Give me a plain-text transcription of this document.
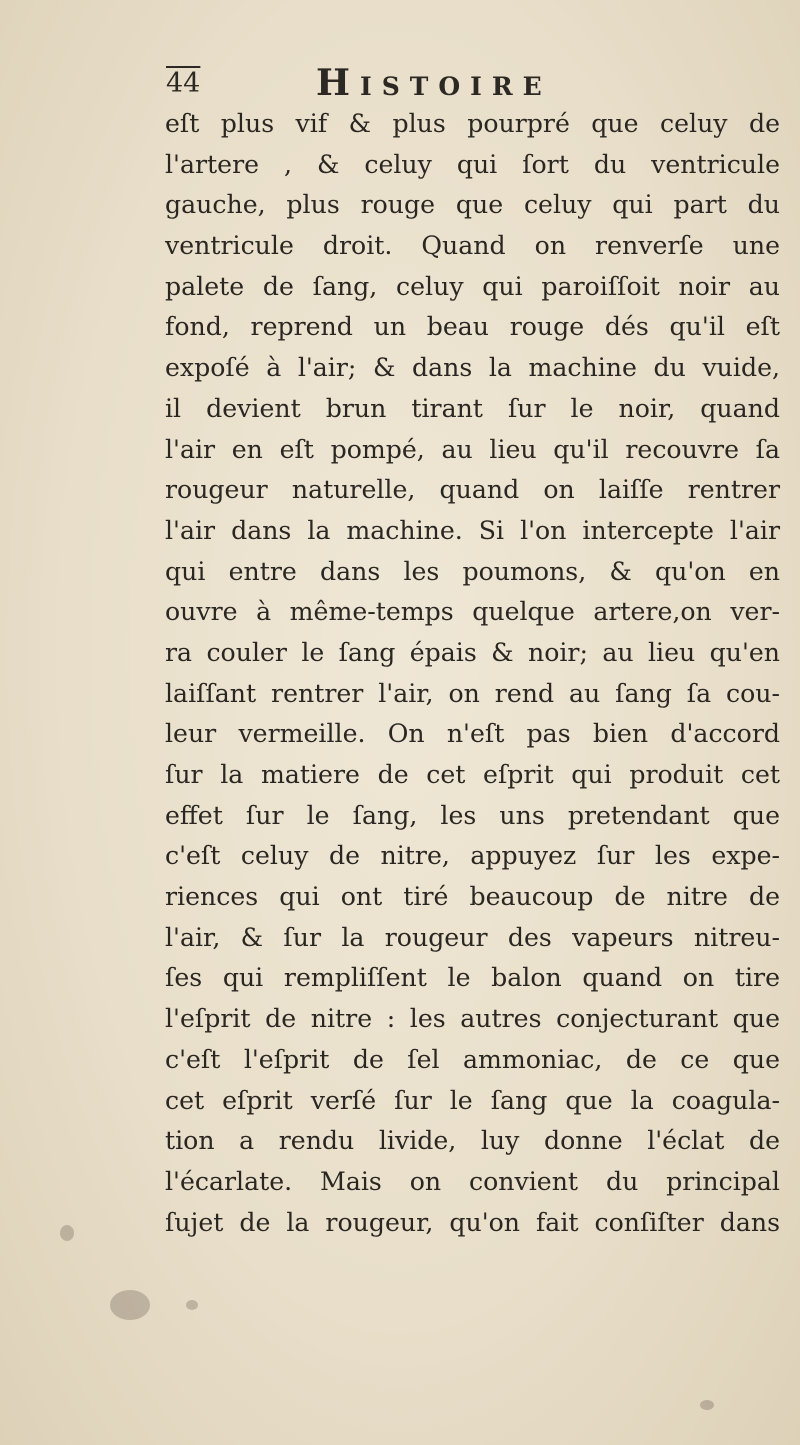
44	Histoire
eſt plus vif & plus pourpré que celuy de
l'artere , & celuy qui ſort du ventricule
gauche, plus rouge que celuy qui part du
ventricule droit. Quand on renverſe une
palete de ſang, celuy qui paroiſſoit noir au
fond, reprend un beau rouge dés qu'il eſt
expoſé à l'air; & dans la machine du vuide,
il devient brun tirant ſur le noir, quand
l'air en eſt pompé, au lieu qu'il recouvre ſa
rougeur naturelle, quand on laiſſe rentrer
l'air dans la machine. Si l'on intercepte l'air
qui entre dans les poumons, & qu'on en
ouvre à même-temps quelque artere,on ver-
ra couler le ſang épais & noir; au lieu qu'en
laiſſant rentrer l'air, on rend au ſang ſa cou-
leur vermeille. On n'eſt pas bien d'accord
ſur la matiere de cet eſprit qui produit cet
effet ſur le ſang, les uns pretendant que
c'eſt celuy de nitre, appuyez ſur les expe-
riences qui ont tiré beaucoup de nitre de
l'air, & ſur la rougeur des vapeurs nitreu-
ſes qui rempliſſent le balon quand on tire
l'eſprit de nitre : les autres conjecturant que
c'eſt l'eſprit de ſel ammoniac, de ce que
cet eſprit verſé ſur le ſang que la coagula-
tion a rendu livide, luy donne l'éclat de
l'écarlate. Mais on convient du principal
ſujet de la rougeur, qu'on fait conſiſter dans
